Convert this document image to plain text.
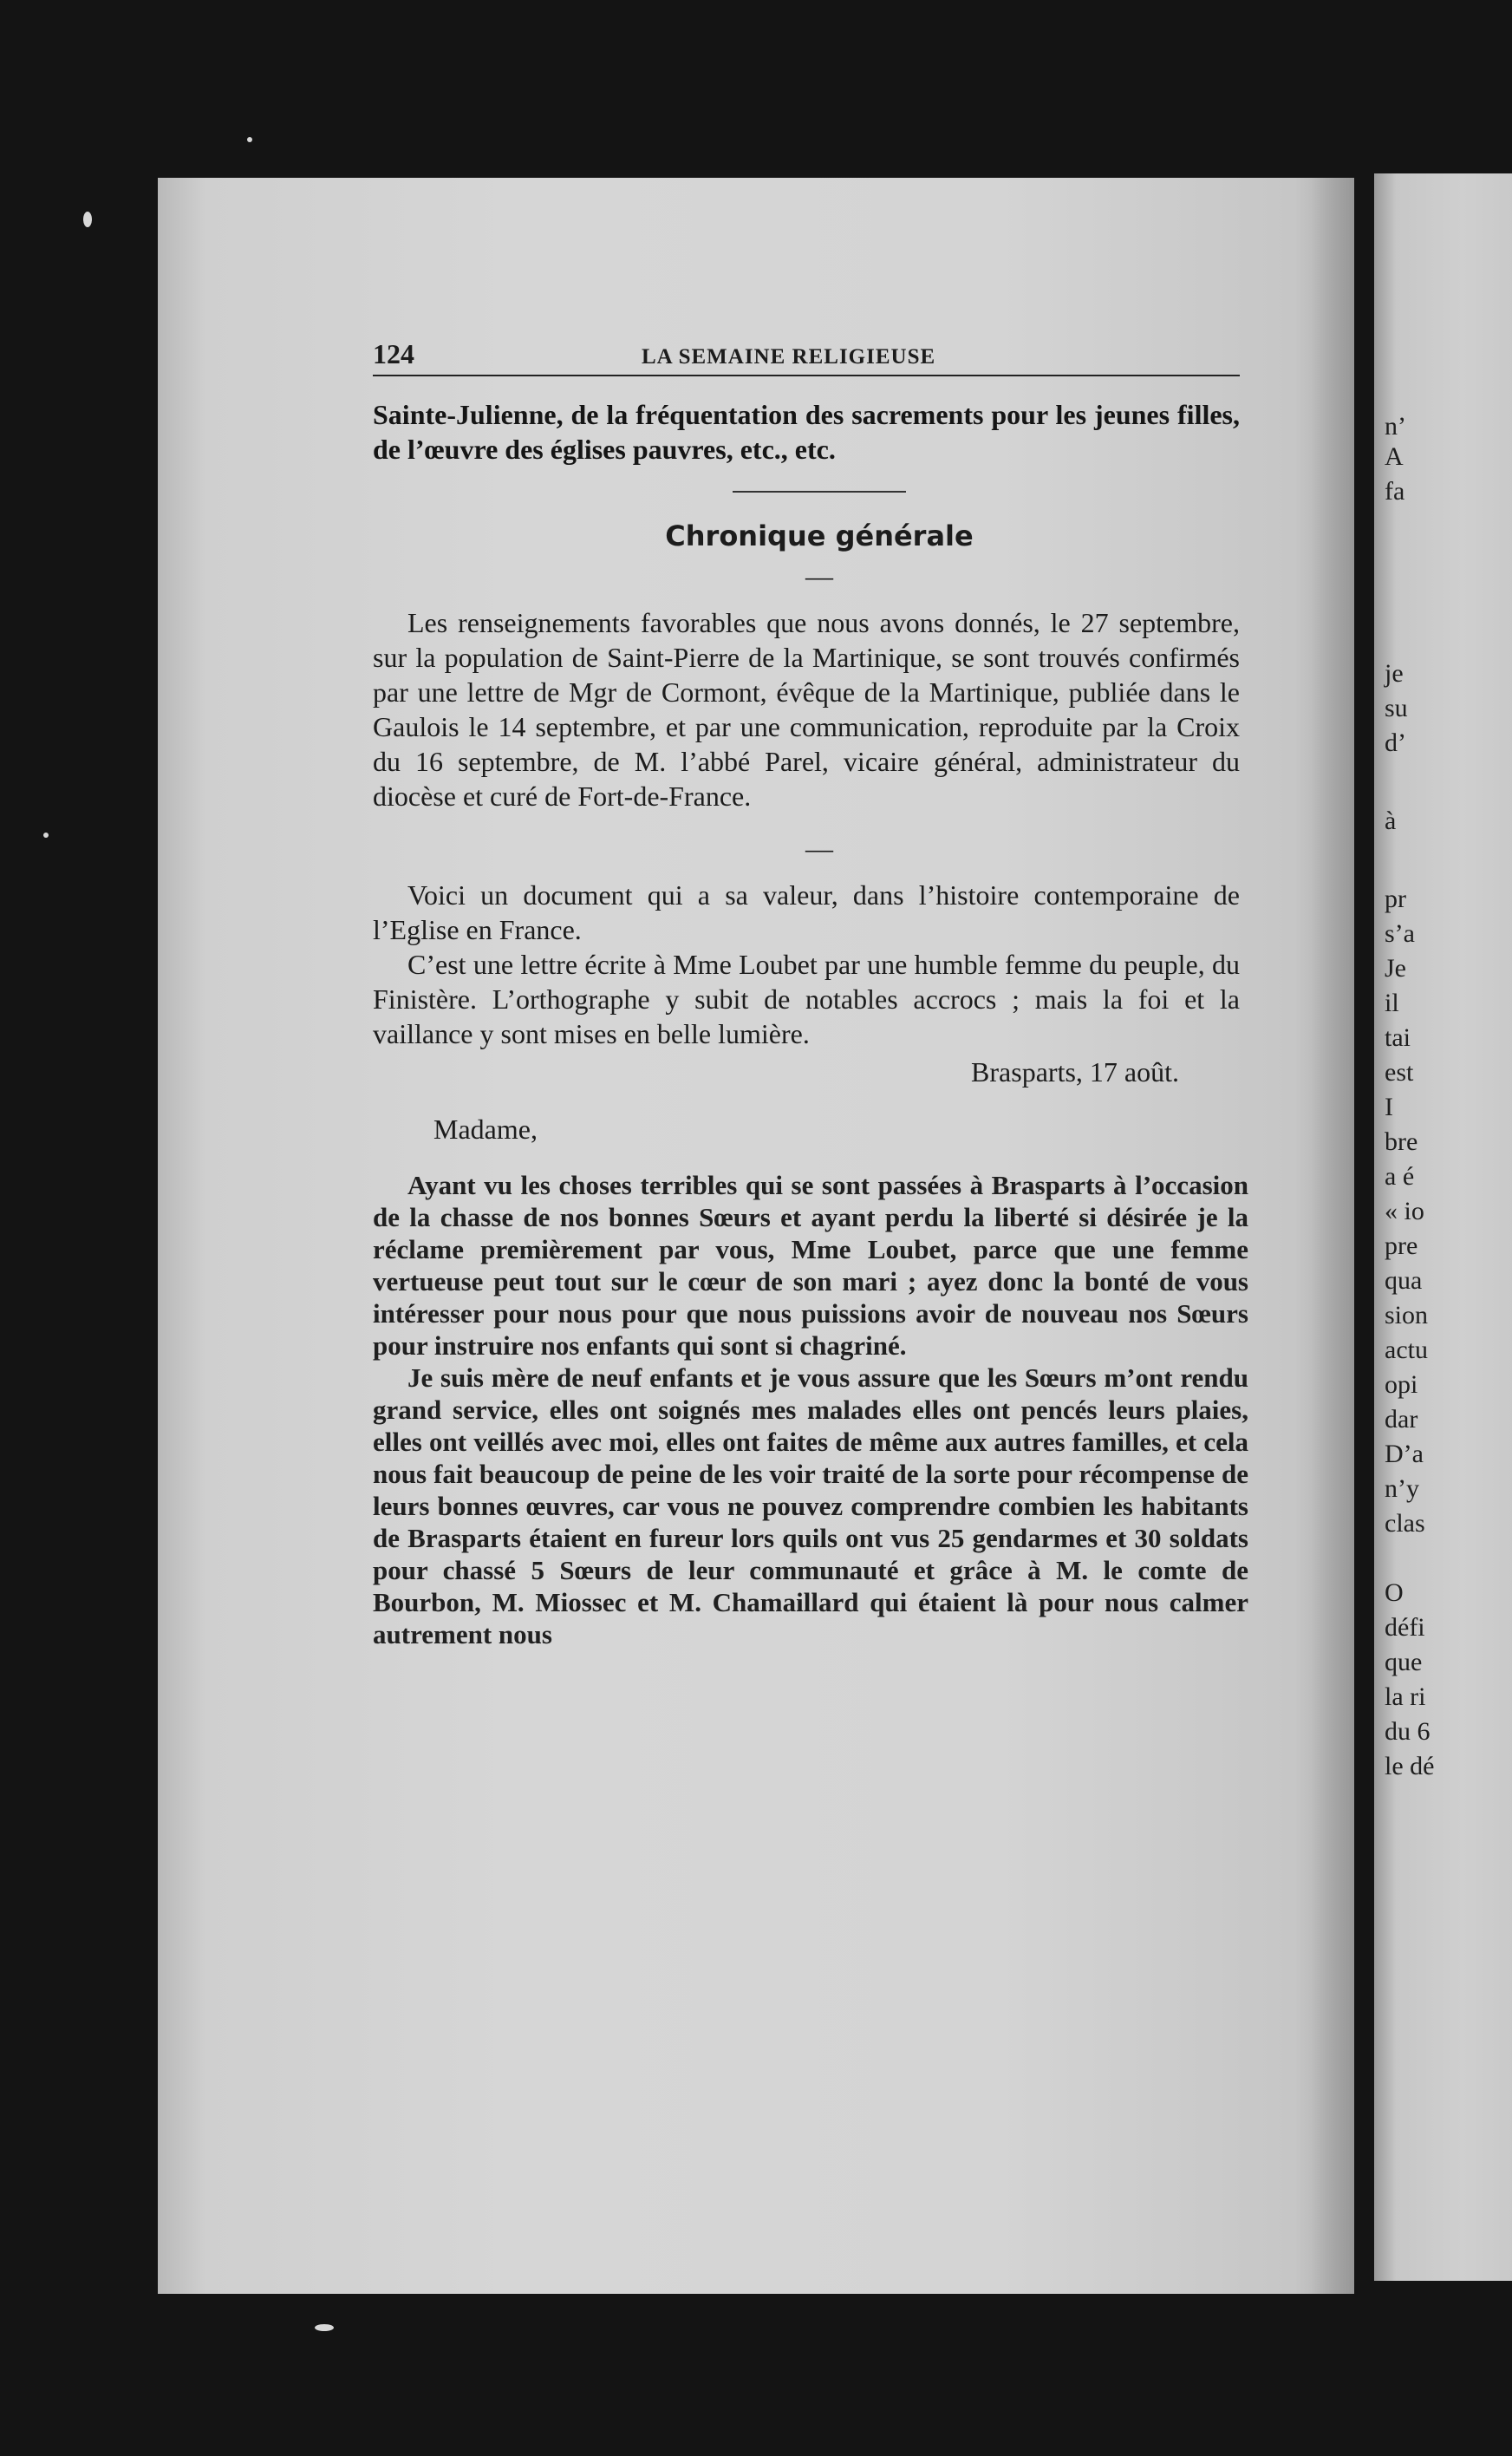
124	LA SEMAINE RELIGIEUSE

Sainte-Julienne, de la fréquentation des sacrements pour les jeunes filles, de l’œuvre des églises pauvres, etc., etc.

Chronique générale
—

Les renseignements favorables que nous avons donnés, le 27 septembre, sur la population de Saint-Pierre de la Martinique, se sont trouvés confirmés par une lettre de Mgr de Cormont, évêque de la Martinique, publiée dans le Gaulois le 14 septembre, et par une communication, reproduite par la Croix du 16 septembre, de M. l’abbé Parel, vicaire général, administrateur du diocèse et curé de Fort-de-France.

—

Voici un document qui a sa valeur, dans l’histoire contemporaine de l’Eglise en France.

C’est une lettre écrite à Mme Loubet par une humble femme du peuple, du Finistère. L’orthographe y subit de notables accrocs ; mais la foi et la vaillance y sont mises en belle lumière.

Brasparts, 17 août.
Madame,

Ayant vu les choses terribles qui se sont passées à Brasparts à l’occasion de la chasse de nos bonnes Sœurs et ayant perdu la liberté si désirée je la réclame premièrement par vous, Mme Loubet, parce que une femme vertueuse peut tout sur le cœur de son mari ; ayez donc la bonté de vous intéresser pour nous pour que nous puissions avoir de nouveau nos Sœurs pour instruire nos enfants qui sont si chagriné.

Je suis mère de neuf enfants et je vous assure que les Sœurs m’ont rendu grand service, elles ont soignés mes malades elles ont pencés leurs plaies, elles ont veillés avec moi, elles ont faites de même aux autres familles, et cela nous fait beaucoup de peine de les voir traité de la sorte pour récompense de leurs bonnes œuvres, car vous ne pouvez comprendre combien les habitants de Brasparts étaient en fureur lors quils ont vus 25 gendarmes et 30 soldats pour chassé 5 Sœurs de leur communauté et grâce à M. le comte de Bourbon, M. Miossec et M. Chamaillard qui étaient là pour nous calmer autrement nous

n’
A
fa
je
su
d’
à
pr
s’a
Je
il
tai
est
I
bre
a é
« io
pre
qua
sion
actu
opi
dar
D’a
n’y
clas
O
défi
que
la ri
du 6
le dé
